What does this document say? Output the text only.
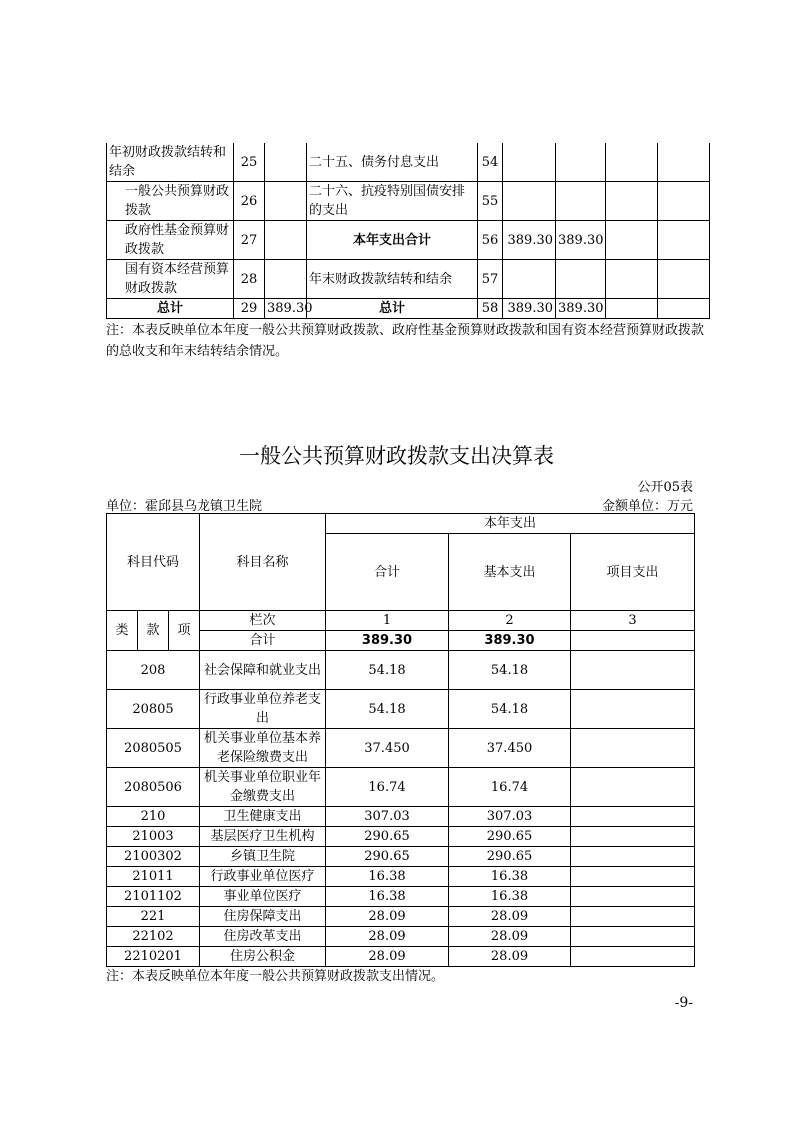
年初财政拨款结转和结余	25		二十五、债务付息支出	54				
一般公共预算财政拨款	26		二十六、抗疫特别国债安排的支出	55				
政府性基金预算财政拨款	27		本年支出合计	56	389.30	389.30		
国有资本经营预算财政拨款	28		年末财政拨款结转和结余	57				
总计	29	389.30	总计	58	389.30	389.30		
注：本表反映单位本年度一般公共预算财政拨款、政府性基金预算财政拨款和国有资本经营预算财政拨款的总收支和年末结转结余情况。
一般公共预算财政拨款支出决算表
公开05表
单位：霍邱县乌龙镇卫生院	金额单位：万元
科目代码			科目名称	本年支出		
				合计	基本支出	项目支出
类	款	项	栏次	1	2	3
			合计	389.30	389.30	
208			社会保障和就业支出	54.18	54.18	
20805			行政事业单位养老支出	54.18	54.18	
2080505			机关事业单位基本养老保险缴费支出	37.450	37.450	
2080506			机关事业单位职业年金缴费支出	16.74	16.74	
210			卫生健康支出	307.03	307.03	
21003			基层医疗卫生机构	290.65	290.65	
2100302			乡镇卫生院	290.65	290.65	
21011			行政事业单位医疗	16.38	16.38	
2101102			事业单位医疗	16.38	16.38	
221			住房保障支出	28.09	28.09	
22102			住房改革支出	28.09	28.09	
2210201			住房公积金	28.09	28.09	
注：本表反映单位本年度一般公共预算财政拨款支出情况。
-9-
